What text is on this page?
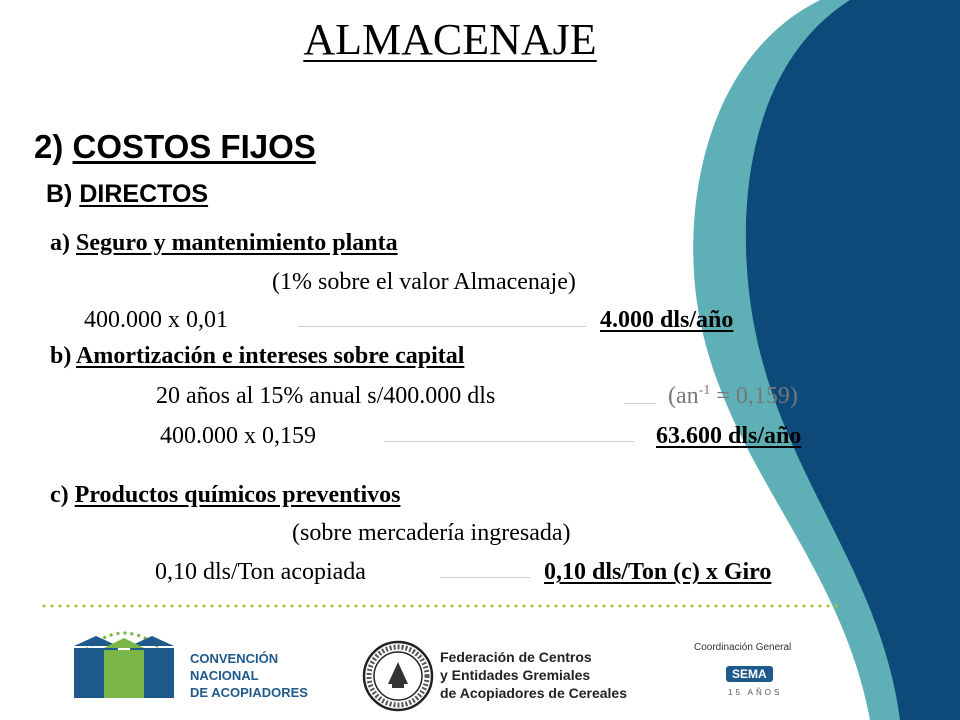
ALMACENAJE
2) COSTOS FIJOS
B) DIRECTOS
a) Seguro y mantenimiento planta
(1% sobre el valor Almacenaje)
400.000 x 0,01	4.000 dls/año
b) Amortización e intereses sobre capital
20 años al 15% anual s/400.000 dls	$(an^{-1} = 0,159)$
400.000 x 0,159	63.600 dls/año
c) Productos químicos preventivos
(sobre mercadería ingresada)
0,10 dls/Ton acopiada	0,10 dls/Ton (c) x Giro
CONVENCIÓN
NACIONAL
DE ACOPIADORES
Federación de Centros
y Entidades Gremiales
de Acopiadores de Cereales
Coordinación General
SEMA
15 AÑOS
